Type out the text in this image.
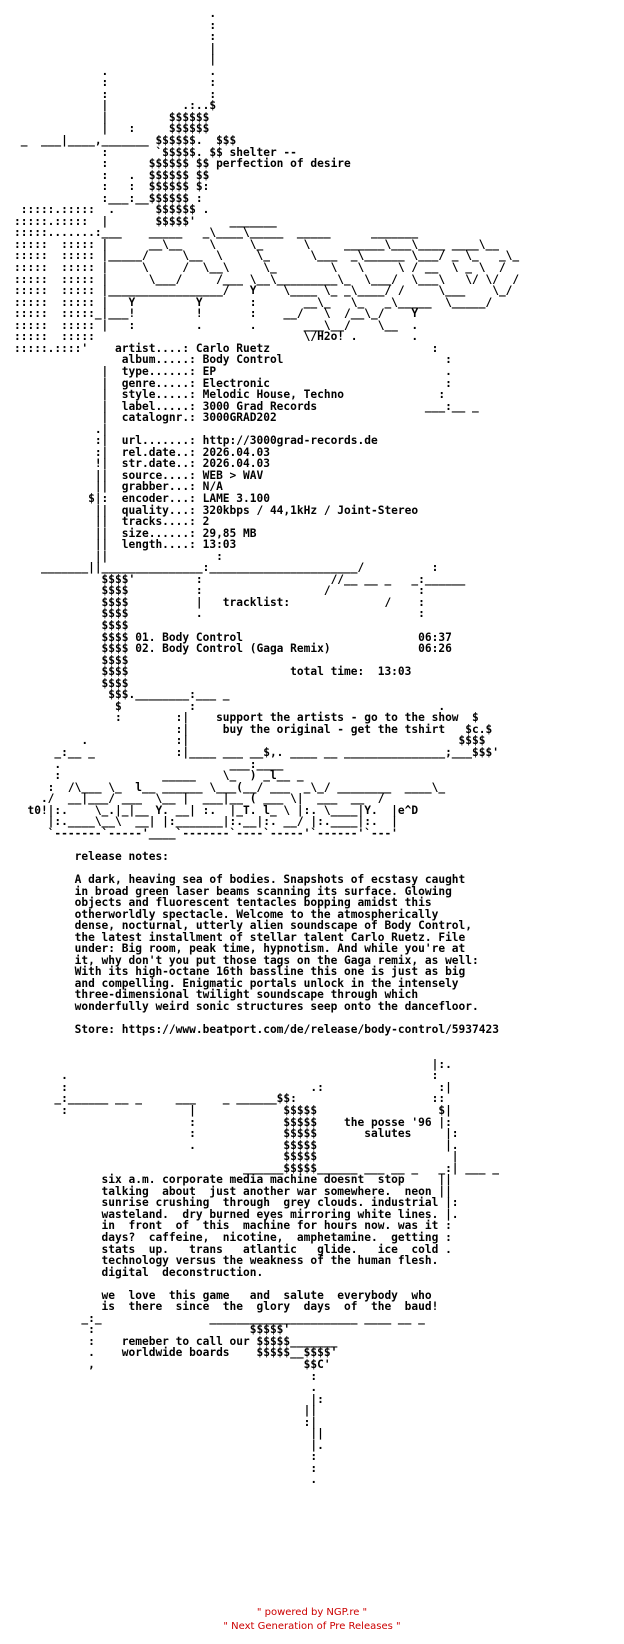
.
:
:
|
|
.               .
:               :
:               :
|           .:..$
|         $$$$$$
|   :     $$$$$$
_  ___|____,_______ $$$$$$.  $$$
:       `$$$$$. $$ shelter --
:      $$$$$$ $$ perfection of desire
:   .  $$$$$$ $$
:   :  $$$$$$ $:
:___:__$$$$$$ :
:::::.:::::  .      $$$$$$ .
:::::.:::::  |       $$$$$'     _______
:::::.......:___    _____   _\____\_____  _____      _______
:::::  ::::: |      __\__    \     \_      \     ______\___\____ ____\__
:::::  ::::: |_____/     \__  \     \_      \___  _\______ \___/ _ \_   _\_
:::::  ::::: |     \     /  \__\     \_        \   \     \ / __  \ _ \  /
:::::  ::::: |      \___/     /___ \__\_________\_  \___/  \___\   \/ \/  /
:::::  ::::: |_________________/   Y    \____ \_ _\____/ /     \___    \_/
:::::  ::::: |   Y         Y       :       __\_   \_   _\_____  \_____/
:::::  :::::_|___!         !       :    __/   \  /__\_/    Y
:::::  ::::: |   :         .       .       ___\__/    \__  .
:::::  :::::                               \/H2o! .        .
:::::.::::'    artist....: Carlo Ruetz                        :
album.....: Body Control                        :
|  type......: EP                                  .
|  genre.....: Electronic                          :
|  style.....: Melodic House, Techno              :
|  label.....: 3000 Grad Records                ___:__ _
|  catalognr.: 3000GRAD202
.|
:|  url.......: http://3000grad-records.de
:|  rel.date..: 2026.04.03
!|  str.date..: 2026.04.03
||  source....: WEB > WAV
||  grabber...: N/A
$|:  encoder...: LAME 3.100
||  quality...: 320kbps / 44,1kHz / Joint-Stereo
||  tracks....: 2
||  size......: 29,85 MB
||  length....: 13:03
||                :
_______||_______________:______________________/          :
$$$$'         :                   //__ __ _   _:______
$$$$          :                  /             :
$$$$          |   tracklist:              /    :
$$$$          .                                :
$$$$
$$$$ 01. Body Control                          06:37
$$$$ 02. Body Control (Gaga Remix)             06:26
$$$$
$$$$                        total time:  13:03
$$$$
$$$.________:___ _
$          :                                    .
:        :|    support the artists - go to the show  $
:|     buy the original - get the tshirt   $c.$
.             :|                                        $$$$
_:__ _            :|____ ___ __$,. ____ __ _______________;___$$$'
.                         ___:____
:               _____    \_  ) _l__ _
:  /\___ \_  l__ ______ \___(__/ ___  _\_/ ________  ____\_
./  __|___/ ___  \__ |  ___|__ ( ___ \|  ___  __  /
t0!|:.    \_.|_|__ Y. __| :.  |_T. l_ \ |:. \____|Y.  |e^D
|:.____\__\  __| |:_______|:.__|:. __/ |:.____|:.  |
`-------`-----'____`-------`----`-----'`------'`---'

release notes:

A dark, heaving sea of bodies. Snapshots of ecstasy caught
in broad green laser beams scanning its surface. Glowing
objects and fluorescent tentacles bopping amidst this
otherworldly spectacle. Welcome to the atmospherically
dense, nocturnal, utterly alien soundscape of Body Control,
the latest installment of stellar talent Carlo Ruetz. File
under: Big room, peak time, hypnotism. And while you're at
it, why don't you put those tags on the Gaga remix, as well:
With its high-octane 16th bassline this one is just as big
and compelling. Enigmatic portals unlock in the intensely
three-dimensional twilight soundscape through which
wonderfully weird sonic structures seep onto the dancefloor.

Store: https://www.beatport.com/de/release/body-control/5937423

|:.
.                                                      :
:                                    .:                 :|
_:______ __ _     ___    _ ______$$:                    ::
:                  |             $$$$$                  $|
:             $$$$$    the posse '96 |:
:             $$$$$       salutes     |:
.             $$$$$                   |.
$$$$$                    |
______$$$$$______ ___ __ _   _:| ___ _
six a.m. corporate media machine doesnt  stop     ||
talking  about  just another war somewhere.  neon ||
sunrise crushing  through  grey clouds. industrial |:
wasteland.  dry burned eyes mirroring white lines. |.
in  front  of  this  machine for hours now. was it :
days?  caffeine,  nicotine,  amphetamine.  getting :
stats  up.   trans   atlantic   glide.   ice  cold .
technology versus the weakness of the human flesh.
digital  deconstruction.

we  love  this game   and  salute  everybody  who
is  there  since  the  glory  days  of  the  baud!
_:_                ______________________ ____ __ _
:                       $$$$$'
:    remeber to call our $$$$$_______
.    worldwide boards    $$$$$__$$$$'
,                               $$C'
:
.
|:
||
:|
||
|.
:
:
.
" powered by NGP.re "
" Next Generation of Pre Releases "
